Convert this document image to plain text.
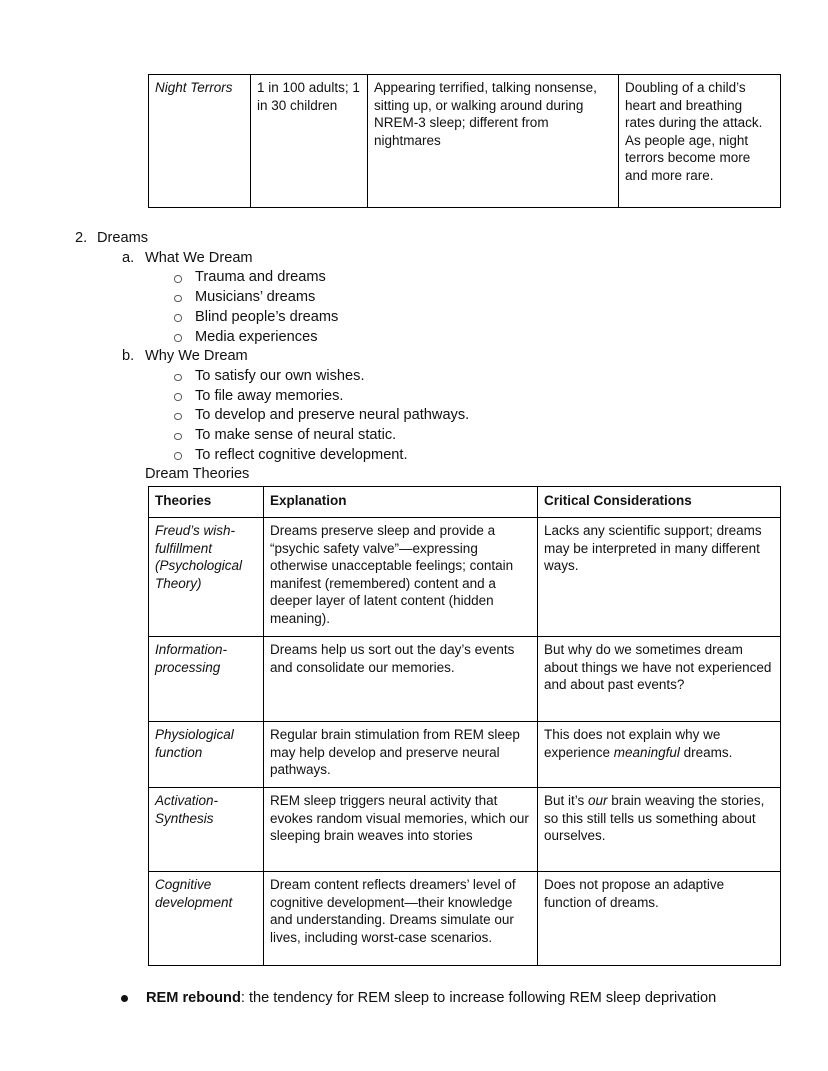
Night Terrors	1 in 100 adults; 1 in 30 children	Appearing terrified, talking nonsense, sitting up, or walking around during NREM-3 sleep; different from nightmares	Doubling of a child’s heart and breathing rates during the attack. As people age, night terrors become more and more rare.
2. Dreams
a. What We Dream
Trauma and dreams
Musicians’ dreams
Blind people’s dreams
Media experiences
b. Why We Dream
To satisfy our own wishes.
To file away memories.
To develop and preserve neural pathways.
To make sense of neural static.
To reflect cognitive development.
Dream Theories
Theories	Explanation	Critical Considerations
Freud’s wish-fulfillment (Psychological Theory)	Dreams preserve sleep and provide a “psychic safety valve”—expressing otherwise unacceptable feelings; contain manifest (remembered) content and a deeper layer of latent content (hidden meaning).	Lacks any scientific support; dreams may be interpreted in many different ways.
Information-processing	Dreams help us sort out the day’s events and consolidate our memories.	But why do we sometimes dream about things we have not experienced and about past events?
Physiological function	Regular brain stimulation from REM sleep may help develop and preserve neural pathways.	This does not explain why we experience meaningful dreams.
Activation-Synthesis	REM sleep triggers neural activity that evokes random visual memories, which our sleeping brain weaves into stories	But it’s our brain weaving the stories, so this still tells us something about ourselves.
Cognitive development	Dream content reflects dreamers’ level of cognitive development—their knowledge and understanding. Dreams simulate our lives, including worst-case scenarios.	Does not propose an adaptive function of dreams.
REM rebound: the tendency for REM sleep to increase following REM sleep deprivation
